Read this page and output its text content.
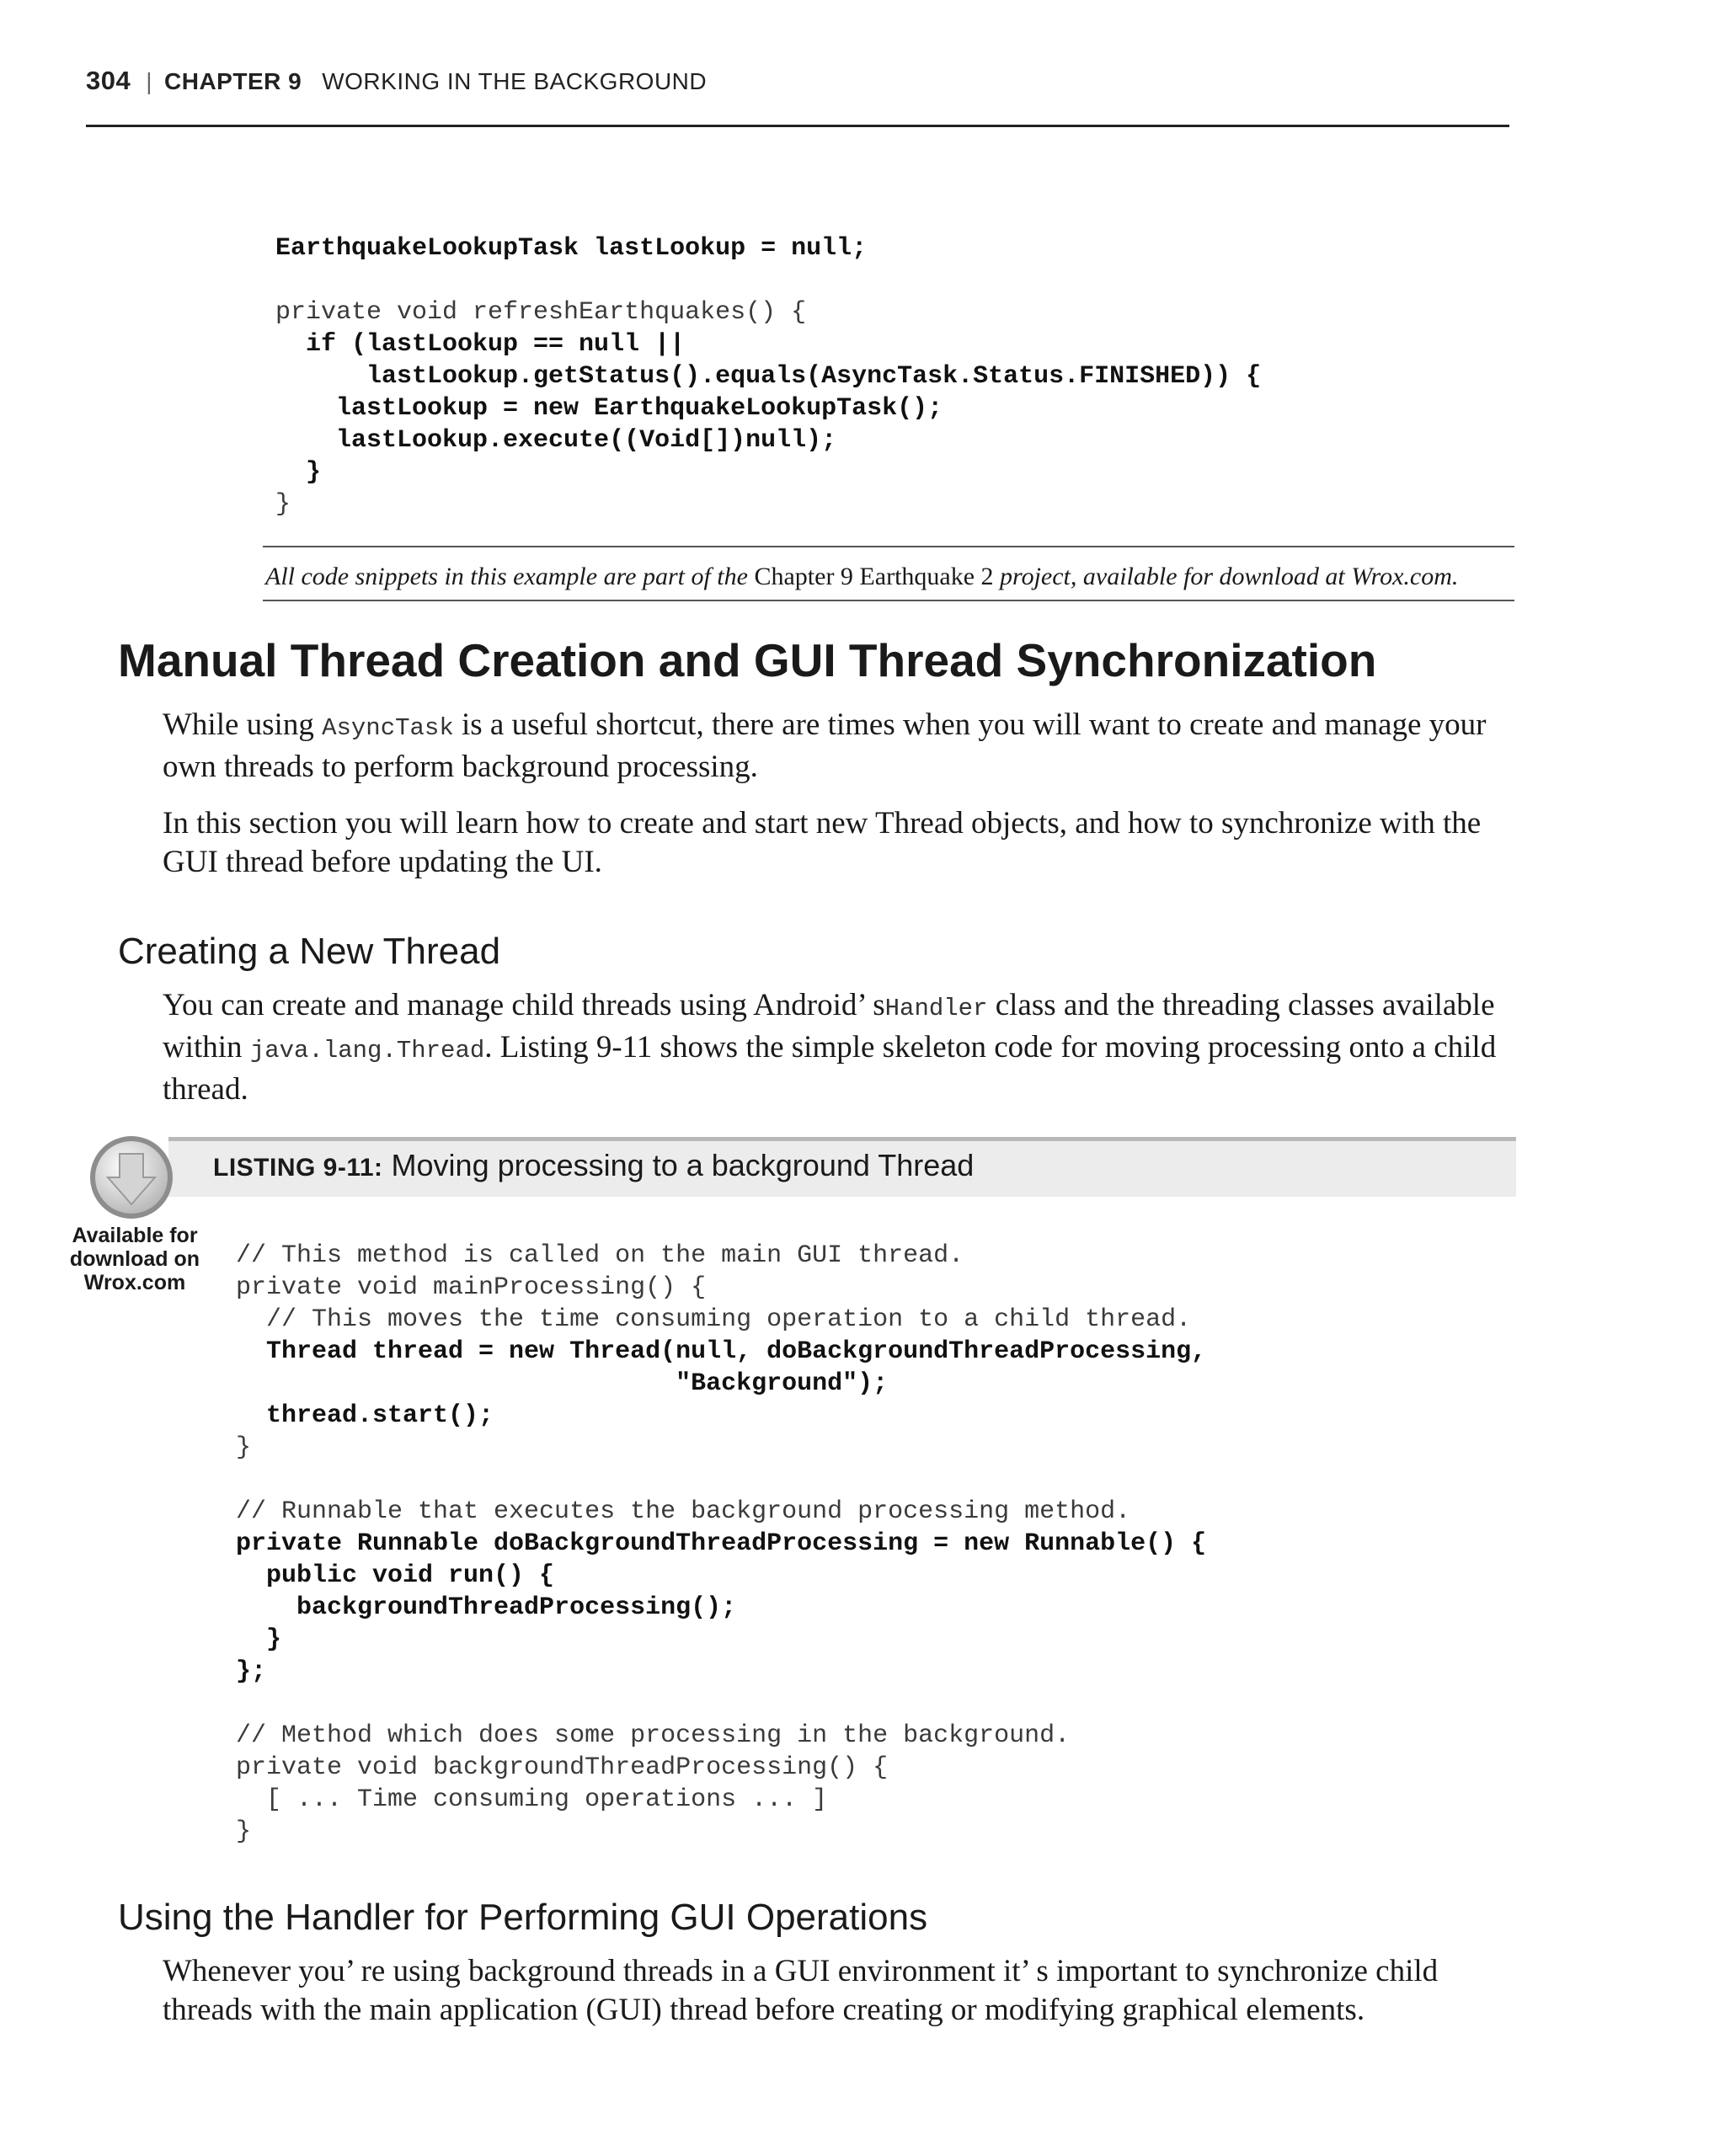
304 | CHAPTER 9 WORKING IN THE BACKGROUND
EarthquakeLookupTask lastLookup = null;

private void refreshEarthquakes() {
if (lastLookup == null ||
lastLookup.getStatus().equals(AsyncTask.Status.FINISHED)) {
lastLookup = new EarthquakeLookupTask();
lastLookup.execute((Void[])null);
}
}

All code snippets in this example are part of the Chapter 9 Earthquake 2 project, available for download at Wrox.com.
Manual Thread Creation and GUI Thread Synchronization

While using AsyncTask is a useful shortcut, there are times when you will want to create and manage your own threads to perform background processing.

In this section you will learn how to create and start new Thread objects, and how to synchronize with the GUI thread before updating the UI.

Creating a New Thread

You can create and manage child threads using Android’ sHandler class and the threading classes available within java.lang.Thread. Listing 9-11 shows the simple skeleton code for moving processing onto a child thread.

LISTING 9-11: Moving processing to a background Thread
Available for
download on
Wrox.com
// This method is called on the main GUI thread.
private void mainProcessing() {
// This moves the time consuming operation to a child thread.
Thread thread = new Thread(null, doBackgroundThreadProcessing,
"Background");
thread.start();
}

// Runnable that executes the background processing method.
private Runnable doBackgroundThreadProcessing = new Runnable() {
public void run() {
backgroundThreadProcessing();
}
};

// Method which does some processing in the background.
private void backgroundThreadProcessing() {
[ ... Time consuming operations ... ]
}

Using the Handler for Performing GUI Operations

Whenever you’ re using background threads in a GUI environment it’ s important to synchronize child threads with the main application (GUI) thread before creating or modifying graphical elements.
